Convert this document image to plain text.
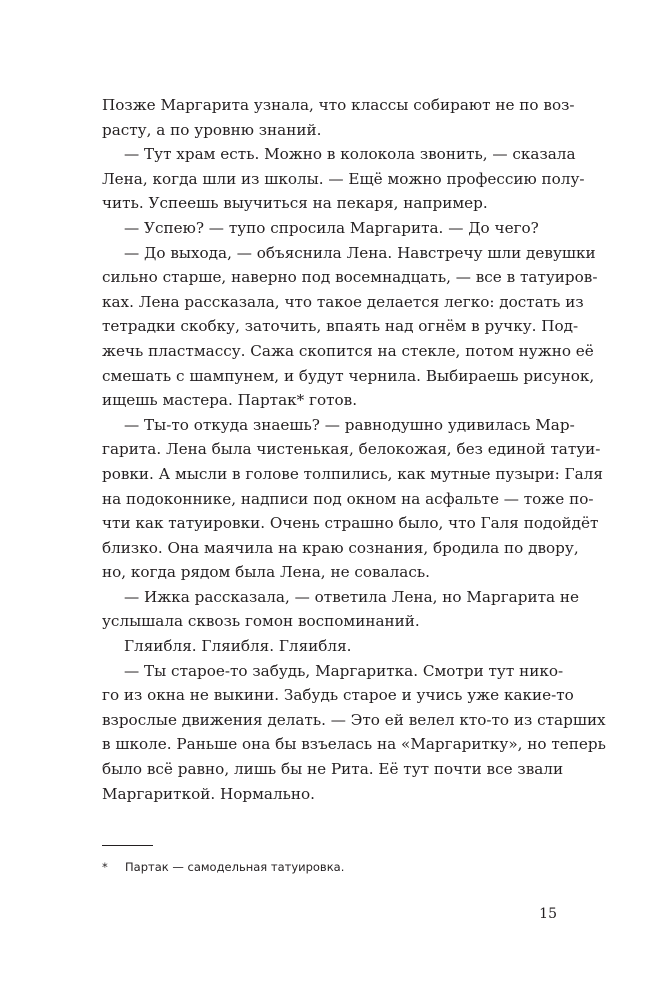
Позже Маргарита узнала, что классы собирают не по воз-
расту, а по уровню знаний.
— Тут храм есть. Можно в колокола звонить, — сказала
Лена, когда шли из школы. — Ещё можно профессию полу-
чить. Успеешь выучиться на пекаря, например.
— Успею? — тупо спросила Маргарита. — До чего?
— До выхода, — объяснила Лена. Навстречу шли девушки
сильно старше, наверно под восемнадцать, — все в татуиров-
ках. Лена рассказала, что такое делается легко: достать из
тетрадки скобку, заточить, впаять над огнём в ручку. Под-
жечь пластмассу. Сажа скопится на стекле, потом нужно её
смешать с шампунем, и будут чернила. Выбираешь рисунок,
ищешь мастера. Партак* готов.
— Ты-то откуда знаешь? — равнодушно удивилась Мар-
гарита. Лена была чистенькая, белокожая, без единой татуи-
ровки. А мысли в голове толпились, как мутные пузыри: Галя
на подоконнике, надписи под окном на асфальте — тоже по-
чти как татуировки. Очень страшно было, что Галя подойдёт
близко. Она маячила на краю сознания, бродила по двору,
но, когда рядом была Лена, не совалась.
— Ижка рассказала, — ответила Лена, но Маргарита не
услышала сквозь гомон воспоминаний.
Гляибля. Гляибля. Гляибля.
— Ты старое-то забудь, Маргаритка. Смотри тут нико-
го из окна не выкини. Забудь старое и учись уже какие-то
взрослые движения делать. — Это ей велел кто-то из старших
в школе. Раньше она бы взъелась на «Маргаритку», но теперь
было всё равно, лишь бы не Рита. Её тут почти все звали
Маргариткой. Нормально.
* Партак — самодельная татуировка.
15
